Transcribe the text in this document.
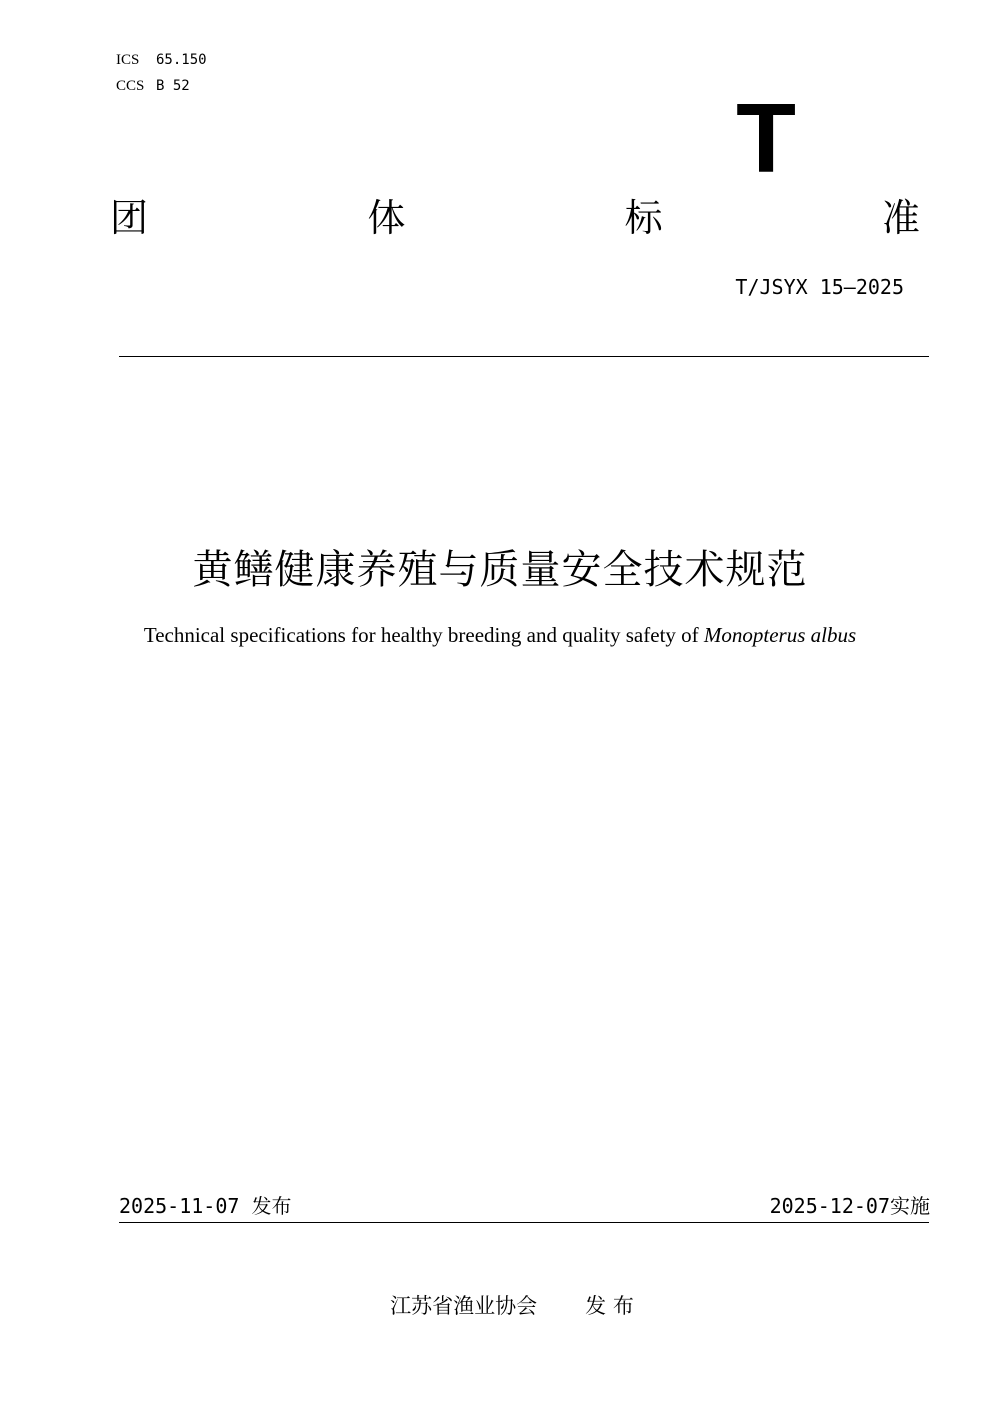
ICS 65.150
CCS B 52	T
团	体	标	准
T/JSYX 15—2025
黄鳝健康养殖与质量安全技术规范
Technical specifications for healthy breeding and quality safety of Monopterus albus
2025-11-07 发布	2025-12-07实施
江苏省渔业协会 发 布
